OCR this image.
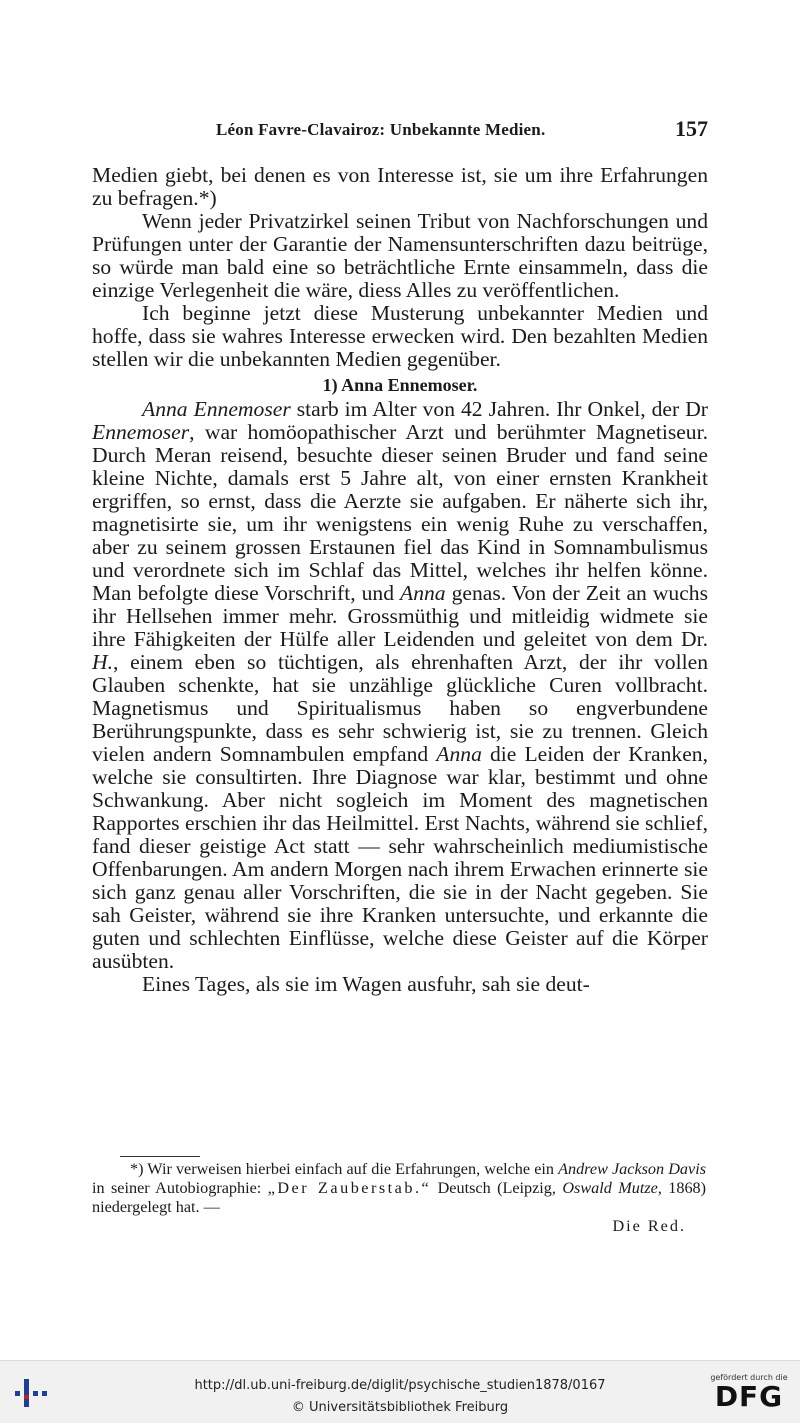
Léon Favre-Clavairoz: Unbekannte Medien.	157

Medien giebt, bei denen es von Interesse ist, sie um ihre Erfahrungen zu befragen.*)

Wenn jeder Privatzirkel seinen Tribut von Nachforschungen und Prüfungen unter der Garantie der Namensunterschriften dazu beitrüge, so würde man bald eine so beträchtliche Ernte einsammeln, dass die einzige Verlegenheit die wäre, diess Alles zu veröffentlichen.

Ich beginne jetzt diese Musterung unbekannter Medien und hoffe, dass sie wahres Interesse erwecken wird. Den bezahlten Medien stellen wir die unbekannten Medien gegenüber.

1) Anna Ennemoser.

Anna Ennemoser starb im Alter von 42 Jahren. Ihr Onkel, der Dr Ennemoser, war homöopathischer Arzt und berühmter Magnetiseur. Durch Meran reisend, besuchte dieser seinen Bruder und fand seine kleine Nichte, damals erst 5 Jahre alt, von einer ernsten Krankheit ergriffen, so ernst, dass die Aerzte sie aufgaben. Er näherte sich ihr, magnetisirte sie, um ihr wenigstens ein wenig Ruhe zu verschaffen, aber zu seinem grossen Erstaunen fiel das Kind in Somnambulismus und verordnete sich im Schlaf das Mittel, welches ihr helfen könne. Man befolgte diese Vorschrift, und Anna genas. Von der Zeit an wuchs ihr Hellsehen immer mehr. Grossmüthig und mitleidig widmete sie ihre Fähigkeiten der Hülfe aller Leidenden und geleitet von dem Dr. H., einem eben so tüchtigen, als ehrenhaften Arzt, der ihr vollen Glauben schenkte, hat sie unzählige glückliche Curen vollbracht. Magnetismus und Spiritualismus haben so engverbundene Berührungspunkte, dass es sehr schwierig ist, sie zu trennen. Gleich vielen andern Somnambulen empfand Anna die Leiden der Kranken, welche sie consultirten. Ihre Diagnose war klar, bestimmt und ohne Schwankung. Aber nicht sogleich im Moment des magnetischen Rapportes erschien ihr das Heilmittel. Erst Nachts, während sie schlief, fand dieser geistige Act statt — sehr wahrscheinlich mediumistische Offenbarungen. Am andern Morgen nach ihrem Erwachen erinnerte sie sich ganz genau aller Vorschriften, die sie in der Nacht gegeben. Sie sah Geister, während sie ihre Kranken untersuchte, und erkannte die guten und schlechten Einflüsse, welche diese Geister auf die Körper ausübten.

Eines Tages, als sie im Wagen ausfuhr, sah sie deut-

*) Wir verweisen hierbei einfach auf die Erfahrungen, welche ein Andrew Jackson Davis in seiner Autobiographie: „Der Zauberstab.“ Deutsch (Leipzig, Oswald Mutze, 1868) niedergelegt hat. —

Die Red.
http://dl.ub.uni-freiburg.de/diglit/psychische_studien1878/0167
© Universitätsbibliothek Freiburg
gefördert durch die
DFG
